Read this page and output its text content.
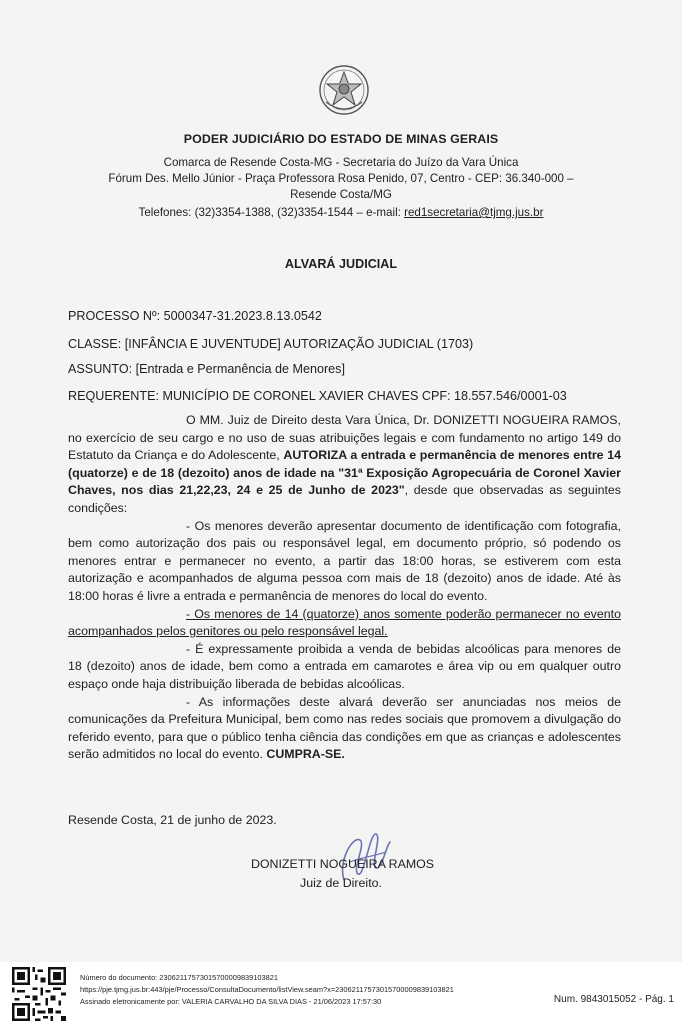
PODER JUDICIÁRIO DO ESTADO DE MINAS GERAIS
Comarca de Resende Costa-MG - Secretaria do Juízo da Vara Única
Fórum Des. Mello Júnior - Praça Professora Rosa Penido, 07, Centro - CEP: 36.340-000 –
Resende Costa/MG
Telefones: (32)3354-1388, (32)3354-1544 – e-mail: red1secretaria@tjmg.jus.br
ALVARÁ JUDICIAL
PROCESSO Nº: 5000347-31.2023.8.13.0542
CLASSE: [INFÂNCIA E JUVENTUDE] AUTORIZAÇÃO JUDICIAL (1703)
ASSUNTO: [Entrada e Permanência de Menores]
REQUERENTE: MUNICÍPIO DE CORONEL XAVIER CHAVES CPF: 18.557.546/0001-03

O MM. Juiz de Direito desta Vara Única, Dr. DONIZETTI NOGUEIRA RAMOS, no exercício de seu cargo e no uso de suas atribuições legais e com fundamento no artigo 149 do Estatuto da Criança e do Adolescente, AUTORIZA a entrada e permanência de menores entre 14 (quatorze) e de 18 (dezoito) anos de idade na "31ª Exposição Agropecuária de Coronel Xavier Chaves, nos dias 21,22,23, 24 e 25 de Junho de 2023", desde que observadas as seguintes condições:

- Os menores deverão apresentar documento de identificação com fotografia, bem como autorização dos pais ou responsável legal, em documento próprio, só podendo os menores entrar e permanecer no evento, a partir das 18:00 horas, se estiverem com esta autorização e acompanhados de alguma pessoa com mais de 18 (dezoito) anos de idade. Até às 18:00 horas é livre a entrada e permanência de menores do local do evento.

- Os menores de 14 (quatorze) anos somente poderão permanecer no evento acompanhados pelos genitores ou pelo responsável legal.

- É expressamente proibida a venda de bebidas alcoólicas para menores de 18 (dezoito) anos de idade, bem como a entrada em camarotes e área vip ou em qualquer outro espaço onde haja distribuição liberada de bebidas alcoólicas.

- As informações deste alvará deverão ser anunciadas nos meios de comunicações da Prefeitura Municipal, bem como nas redes sociais que promovem a divulgação do referido evento, para que o público tenha ciência das condições em que as crianças e adolescentes serão admitidos no local do evento. CUMPRA-SE.

Resende Costa, 21 de junho de 2023.
DONIZETTI NOGUEIRA RAMOS
Juiz de Direito.
Número do documento: 23062117573015700009839103821
https://pje.tjmg.jus.br:443/pje/Processo/ConsultaDocumento/listView.seam?x=23062117573015700009839103821
Assinado eletronicamente por: VALERIA CARVALHO DA SILVA DIAS - 21/06/2023 17:57:30	Num. 9843015052 - Pág. 1
